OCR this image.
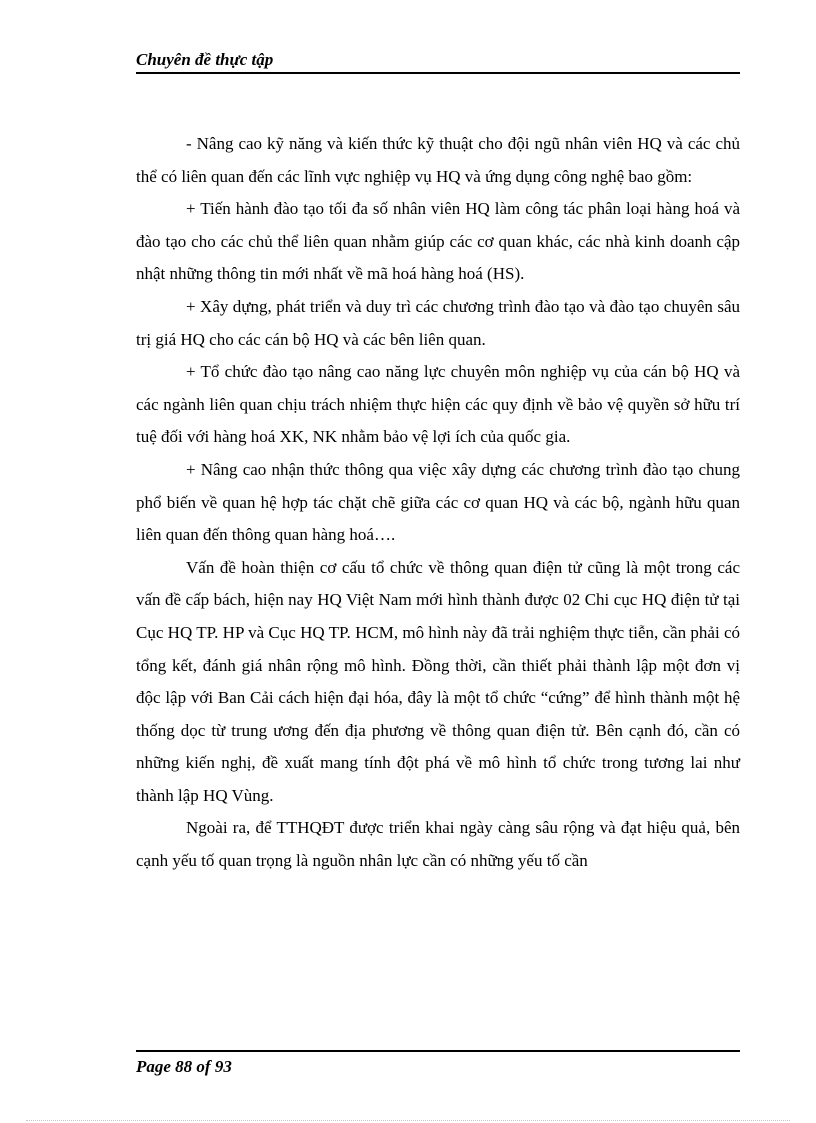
Chuyên đề thực tập

- Nâng cao kỹ năng và kiến thức kỹ thuật cho đội ngũ nhân viên HQ và các chủ thể có liên quan đến các lĩnh vực nghiệp vụ HQ và ứng dụng công nghệ bao gồm:

+ Tiến hành đào tạo tối đa số nhân viên HQ làm công tác phân loại hàng hoá và đào tạo cho các chủ thể liên quan nhằm giúp các cơ quan khác, các nhà kinh doanh cập nhật những thông tin mới nhất về mã hoá hàng hoá (HS).

+ Xây dựng, phát triển và duy trì các chương trình đào tạo và đào tạo chuyên sâu trị giá HQ cho các cán bộ HQ và các bên liên quan.

+ Tổ chức đào tạo nâng cao năng lực chuyên môn nghiệp vụ của cán bộ HQ và các ngành liên quan chịu trách nhiệm thực hiện các quy định về bảo vệ quyền sở hữu trí tuệ đối với hàng hoá XK, NK nhằm bảo vệ lợi ích của quốc gia.

+ Nâng cao nhận thức thông qua việc xây dựng các chương trình đào tạo chung phổ biến về quan hệ hợp tác chặt chẽ giữa các cơ quan HQ và các bộ, ngành hữu quan liên quan đến thông quan hàng hoá….

Vấn đề hoàn thiện cơ cấu tổ chức về thông quan điện tử cũng là một trong các vấn đề cấp bách, hiện nay HQ Việt Nam mới hình thành được 02 Chi cục HQ điện tử tại Cục HQ TP. HP và Cục HQ TP. HCM, mô hình này đã trải nghiệm thực tiễn, cần phải có tổng kết, đánh giá nhân rộng mô hình. Đồng thời, cần thiết phải thành lập một đơn vị độc lập với Ban Cải cách hiện đại hóa, đây là một tổ chức “cứng” để hình thành một hệ thống dọc từ trung ương đến địa phương về thông quan điện tử. Bên cạnh đó, cần có những kiến nghị, đề xuất mang tính đột phá về mô hình tổ chức trong tương lai như thành lập HQ Vùng.

Ngoài ra, để TTHQĐT được triển khai ngày càng sâu rộng và đạt hiệu quả, bên cạnh yếu tố quan trọng là nguồn nhân lực cần có những yếu tố cần

Page 88 of 93
